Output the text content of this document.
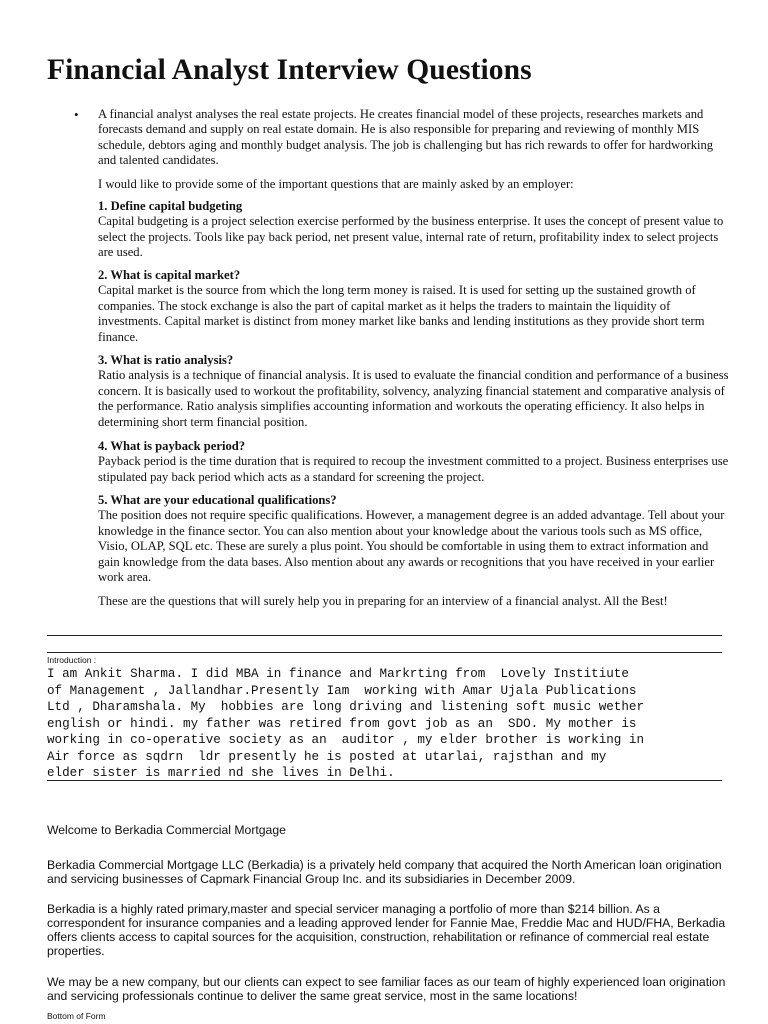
Financial Analyst Interview Questions
• A financial analyst analyses the real estate projects. He creates financial model of these projects, researches markets and forecasts demand and supply on real estate domain. He is also responsible for preparing and reviewing of monthly MIS schedule, debtors aging and monthly budget analysis. The job is challenging but has rich rewards to offer for hardworking and talented candidates.

I would like to provide some of the important questions that are mainly asked by an employer:

1. Define capital budgeting

Capital budgeting is a project selection exercise performed by the business enterprise. It uses the concept of present value to select the projects. Tools like pay back period, net present value, internal rate of return, profitability index to select projects are used.

2. What is capital market?

Capital market is the source from which the long term money is raised. It is used for setting up the sustained growth of companies. The stock exchange is also the part of capital market as it helps the traders to maintain the liquidity of investments. Capital market is distinct from money market like banks and lending institutions as they provide short term finance.

3. What is ratio analysis?

Ratio analysis is a technique of financial analysis. It is used to evaluate the financial condition and performance of a business concern. It is basically used to workout the profitability, solvency, analyzing financial statement and comparative analysis of the performance. Ratio analysis simplifies accounting information and workouts the operating efficiency. It also helps in determining short term financial position.

4. What is payback period?

Payback period is the time duration that is required to recoup the investment committed to a project. Business enterprises use stipulated pay back period which acts as a standard for screening the project.

5. What are your educational qualifications?

The position does not require specific qualifications. However, a management degree is an added advantage. Tell about your knowledge in the finance sector. You can also mention about your knowledge about the various tools such as MS office, Visio, OLAP, SQL etc. These are surely a plus point. You should be comfortable in using them to extract information and gain knowledge from the data bases. Also mention about any awards or recognitions that you have received in your earlier work area.

These are the questions that will surely help you in preparing for an interview of a financial analyst. All the Best!

Introduction :
I am Ankit Sharma. I did MBA in finance and Markrting from  Lovely Institiute
of Management , Jallandhar.Presently Iam  working with Amar Ujala Publications
Ltd , Dharamshala. My  hobbies are long driving and listening soft music wether
english or hindi. my father was retired from govt job as an  SDO. My mother is
working in co-operative society as an  auditor , my elder brother is working in
Air force as sqdrn  ldr presently he is posted at utarlai, rajsthan and my
elder sister is married nd she lives in Delhi.

Welcome to Berkadia Commercial Mortgage

Berkadia Commercial Mortgage LLC (Berkadia) is a privately held company that acquired the North American loan origination and servicing businesses of Capmark Financial Group Inc. and its subsidiaries in December 2009.

Berkadia is a highly rated primary,master and special servicer managing a portfolio of more than $214 billion. As a correspondent for insurance companies and a leading approved lender for Fannie Mae, Freddie Mac and HUD/FHA, Berkadia offers clients access to capital sources for the acquisition, construction, rehabilitation or refinance of commercial real estate properties.

We may be a new company, but our clients can expect to see familiar faces as our team of highly experienced loan origination and servicing professionals continue to deliver the same great service, most in the same locations!

Bottom of Form
